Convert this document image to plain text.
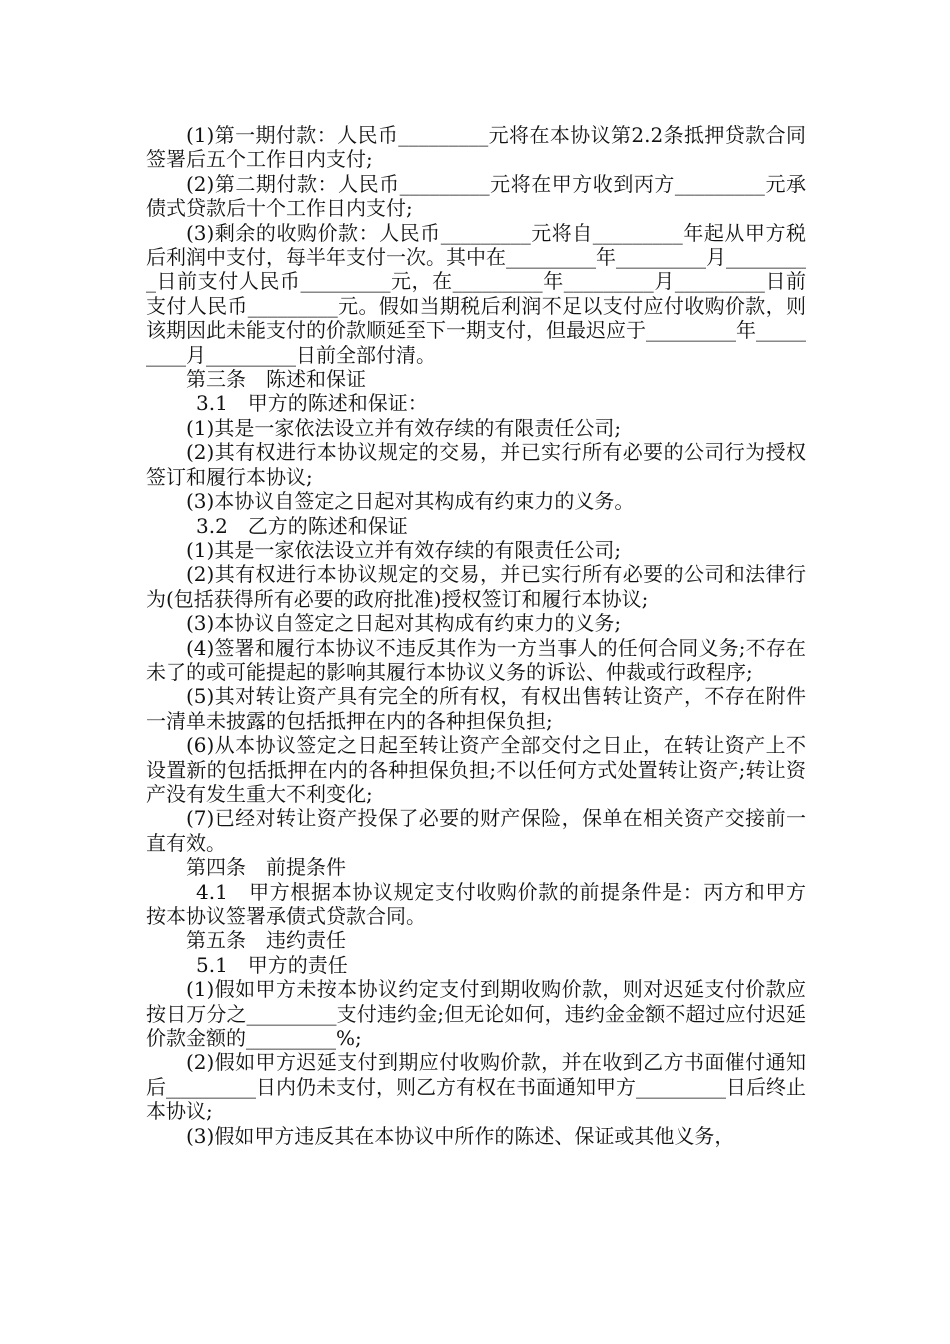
(1)第一期付款：人民币_________元将在本协议第2.2条抵押贷款合同签署后五个工作日内支付;

(2)第二期付款：人民币_________元将在甲方收到丙方_________元承债式贷款后十个工作日内支付;

(3)剩余的收购价款：人民币_________元将自_________年起从甲方税后利润中支付，每半年支付一次。其中在_________年_________月_________日前支付人民币_________元，在_________年_________月_________日前支付人民币_________元。假如当期税后利润不足以支付应付收购价款，则该期因此未能支付的价款顺延至下一期支付，但最迟应于_________年_________月_________日前全部付清。

第三条　陈述和保证

3.1　甲方的陈述和保证：

(1)其是一家依法设立并有效存续的有限责任公司;

(2)其有权进行本协议规定的交易，并已实行所有必要的公司行为授权签订和履行本协议;

(3)本协议自签定之日起对其构成有约束力的义务。

3.2　乙方的陈述和保证

(1)其是一家依法设立并有效存续的有限责任公司;

(2)其有权进行本协议规定的交易，并已实行所有必要的公司和法律行为(包括获得所有必要的政府批准)授权签订和履行本协议;

(3)本协议自签定之日起对其构成有约束力的义务;

(4)签署和履行本协议不违反其作为一方当事人的任何合同义务;不存在未了的或可能提起的影响其履行本协议义务的诉讼、仲裁或行政程序;

(5)其对转让资产具有完全的所有权，有权出售转让资产，不存在附件一清单未披露的包括抵押在内的各种担保负担;

(6)从本协议签定之日起至转让资产全部交付之日止，在转让资产上不设置新的包括抵押在内的各种担保负担;不以任何方式处置转让资产;转让资产没有发生重大不利变化;

(7)已经对转让资产投保了必要的财产保险，保单在相关资产交接前一直有效。

第四条　前提条件

4.1　甲方根据本协议规定支付收购价款的前提条件是：丙方和甲方按本协议签署承债式贷款合同。

第五条　违约责任

5.1　甲方的责任

(1)假如甲方未按本协议约定支付到期收购价款，则对迟延支付价款应按日万分之_________支付违约金;但无论如何，违约金金额不超过应付迟延价款金额的_________%;

(2)假如甲方迟延支付到期应付收购价款，并在收到乙方书面催付通知后_________日内仍未支付，则乙方有权在书面通知甲方_________日后终止本协议;

(3)假如甲方违反其在本协议中所作的陈述、保证或其他义务，
